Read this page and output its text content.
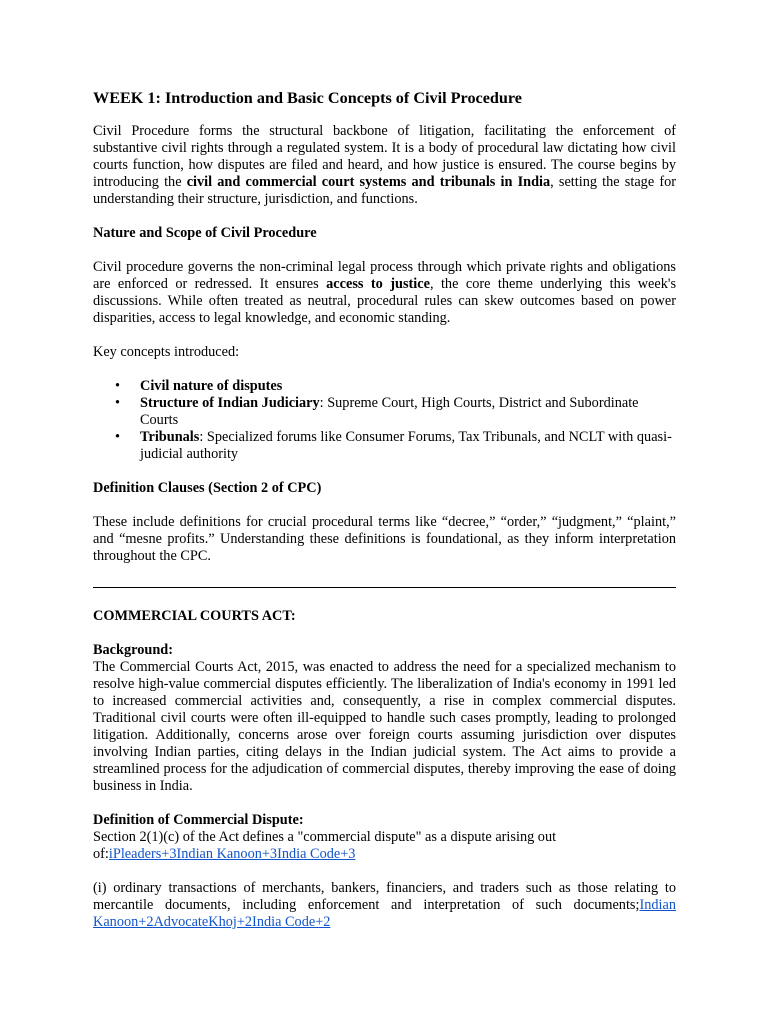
WEEK 1: Introduction and Basic Concepts of Civil Procedure

Civil Procedure forms the structural backbone of litigation, facilitating the enforcement of substantive civil rights through a regulated system. It is a body of procedural law dictating how civil courts function, how disputes are filed and heard, and how justice is ensured. The course begins by introducing the civil and commercial court systems and tribunals in India, setting the stage for understanding their structure, jurisdiction, and functions.

Nature and Scope of Civil Procedure

Civil procedure governs the non-criminal legal process through which private rights and obligations are enforced or redressed. It ensures access to justice, the core theme underlying this week's discussions. While often treated as neutral, procedural rules can skew outcomes based on power disparities, access to legal knowledge, and economic standing.

Key concepts introduced:

• Civil nature of disputes
• Structure of Indian Judiciary: Supreme Court, High Courts, District and Subordinate Courts
• Tribunals: Specialized forums like Consumer Forums, Tax Tribunals, and NCLT with quasi-judicial authority

Definition Clauses (Section 2 of CPC)

These include definitions for crucial procedural terms like “decree,” “order,” “judgment,” “plaint,” and “mesne profits.” Understanding these definitions is foundational, as they inform interpretation throughout the CPC.

COMMERCIAL COURTS ACT:

Background:

The Commercial Courts Act, 2015, was enacted to address the need for a specialized mechanism to resolve high-value commercial disputes efficiently. The liberalization of India's economy in 1991 led to increased commercial activities and, consequently, a rise in complex commercial disputes. Traditional civil courts were often ill-equipped to handle such cases promptly, leading to prolonged litigation. Additionally, concerns arose over foreign courts assuming jurisdiction over disputes involving Indian parties, citing delays in the Indian judicial system. The Act aims to provide a streamlined process for the adjudication of commercial disputes, thereby improving the ease of doing business in India.

Definition of Commercial Dispute:

Section 2(1)(c) of the Act defines a "commercial dispute" as a dispute arising out

of:iPleaders+3Indian Kanoon+3India Code+3

(i) ordinary transactions of merchants, bankers, financiers, and traders such as those relating to mercantile documents, including enforcement and interpretation of such documents;Indian Kanoon+2AdvocateKhoj+2India Code+2
